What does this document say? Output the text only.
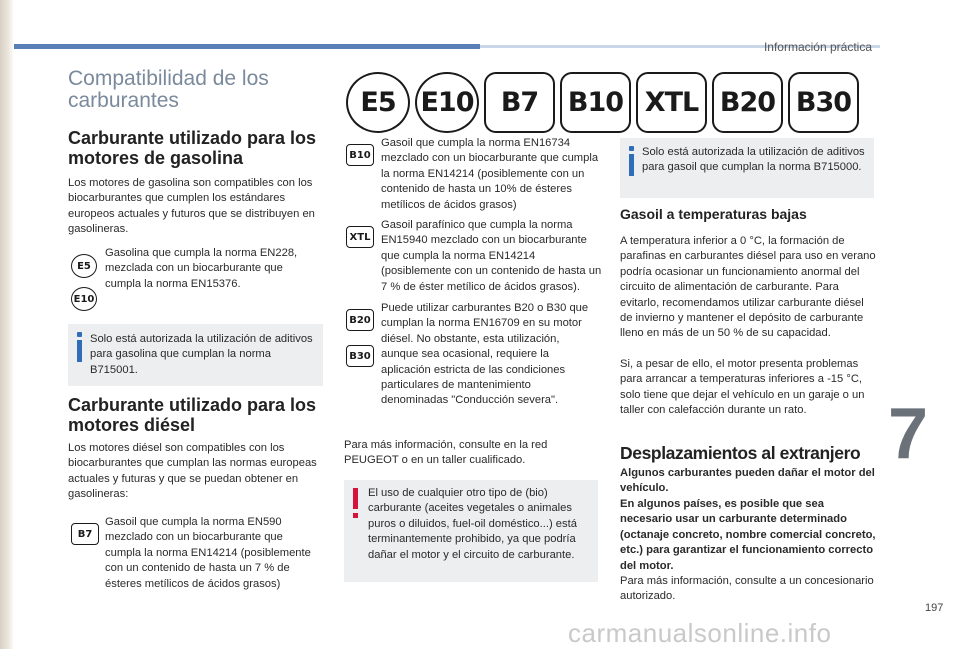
Información práctica
7
197
carmanualsonline.info
Compatibilidad de los carburantes	E5 E10	B7	B10 XTL B20 B30
Carburante utilizado para los motores de gasolina
Los motores de gasolina son compatibles con los biocarburantes que cumplen los estándares europeos actuales y futuros que se distribuyen en gasolineras.
E5
E10
Gasolina que cumpla la norma EN228, mezclada con un biocarburante que cumpla la norma EN15376.
Solo está autorizada la utilización de aditivos para gasolina que cumplan la norma B715001.
Carburante utilizado para los motores diésel
Los motores diésel son compatibles con los biocarburantes que cumplan las normas europeas actuales y futuras y que se puedan obtener en gasolineras:
B7
Gasoil que cumpla la norma EN590 mezclado con un biocarburante que cumpla la norma EN14214 (posiblemente con un contenido de hasta un 7 % de ésteres metílicos de ácidos grasos)
B10
Gasoil que cumpla la norma EN16734 mezclado con un biocarburante que cumpla la norma EN14214 (posiblemente con un contenido de hasta un 10% de ésteres metílicos de ácidos grasos)
XTL
Gasoil parafínico que cumpla la norma EN15940 mezclado con un biocarburante que cumpla la norma EN14214 (posiblemente con un contenido de hasta un 7 % de éster metílico de ácidos grasos).
B20
B30
Puede utilizar carburantes B20 o B30 que cumplan la norma EN16709 en su motor diésel. No obstante, esta utilización, aunque sea ocasional, requiere la aplicación estricta de las condiciones particulares de mantenimiento denominadas "Conducción severa".
Para más información, consulte en la red PEUGEOT o en un taller cualificado.
El uso de cualquier otro tipo de (bio) carburante (aceites vegetales o animales puros o diluidos, fuel-oil doméstico...) está terminantemente prohibido, ya que podría dañar el motor y el circuito de carburante.
Solo está autorizada la utilización de aditivos para gasoil que cumplan la norma B715000.
Gasoil a temperaturas bajas
A temperatura inferior a 0 °C, la formación de parafinas en carburantes diésel para uso en verano podría ocasionar un funcionamiento anormal del circuito de alimentación de carburante. Para evitarlo, recomendamos utilizar carburante diésel de invierno y mantener el depósito de carburante lleno en más de un 50 % de su capacidad.
Si, a pesar de ello, el motor presenta problemas para arrancar a temperaturas inferiores a -15 °C, solo tiene que dejar el vehículo en un garaje o un taller con calefacción durante un rato.
Desplazamientos al extranjero
Algunos carburantes pueden dañar el motor del vehículo.
En algunos países, es posible que sea necesario usar un carburante determinado (octanaje concreto, nombre comercial concreto, etc.) para garantizar el funcionamiento correcto del motor.
Para más información, consulte a un concesionario autorizado.
